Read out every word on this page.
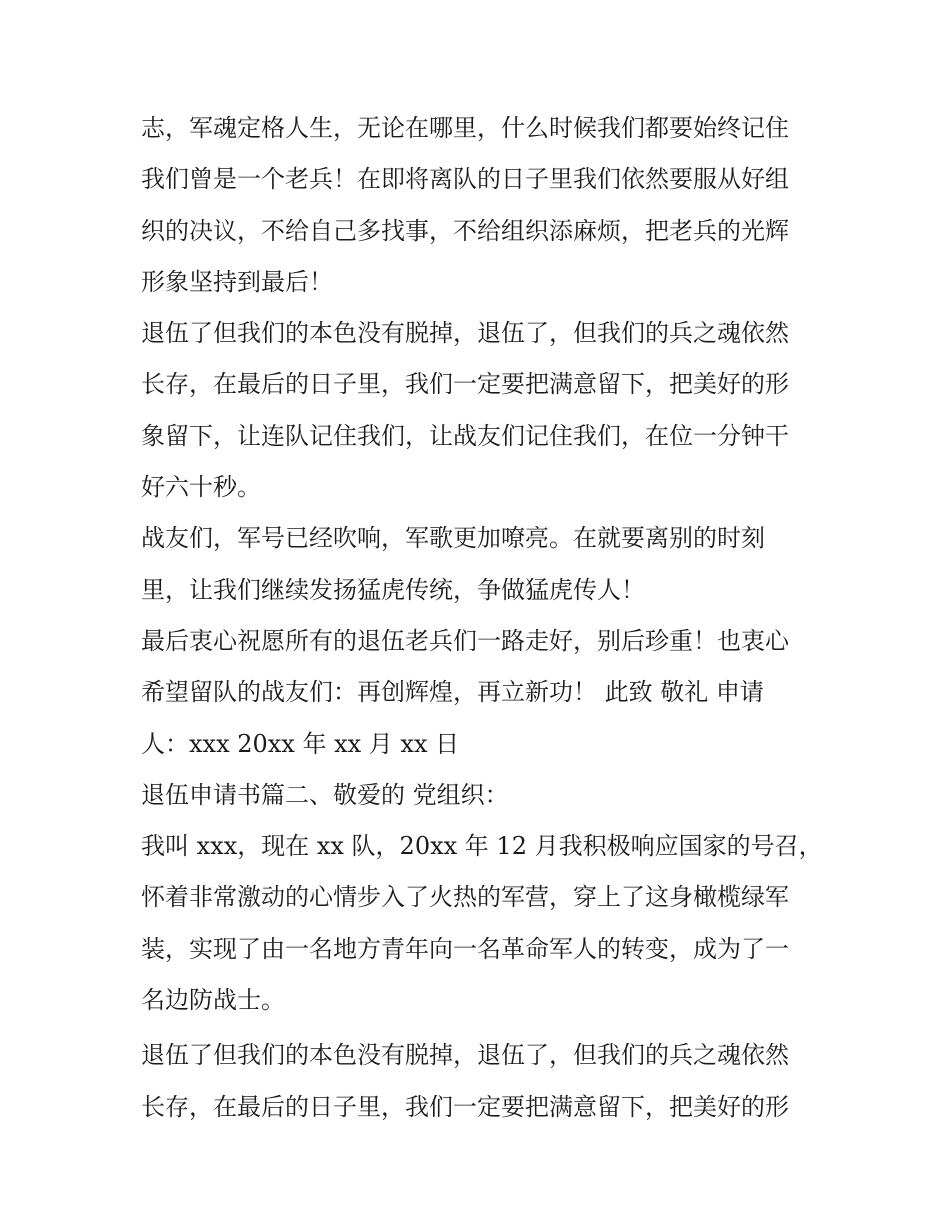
志，军魂定格人生，无论在哪里，什么时候我们都要始终记住
我们曾是一个老兵！在即将离队的日子里我们依然要服从好组
织的决议，不给自己多找事，不给组织添麻烦，把老兵的光辉
形象坚持到最后！
退伍了但我们的本色没有脱掉，退伍了，但我们的兵之魂依然
长存，在最后的日子里，我们一定要把满意留下，把美好的形
象留下，让连队记住我们，让战友们记住我们，在位一分钟干
好六十秒。
战友们，军号已经吹响，军歌更加嘹亮。在就要离别的时刻
里，让我们继续发扬猛虎传统，争做猛虎传人！
最后衷心祝愿所有的退伍老兵们一路走好，别后珍重！也衷心
希望留队的战友们：再创辉煌，再立新功！ 此致 敬礼 申请
人：xxx 20xx 年 xx 月 xx 日
退伍申请书篇二、敬爱的 党组织：
我叫 xxx，现在 xx 队，20xx 年 12 月我积极响应国家的号召，
怀着非常激动的心情步入了火热的军营，穿上了这身橄榄绿军
装，实现了由一名地方青年向一名革命军人的转变，成为了一
名边防战士。
退伍了但我们的本色没有脱掉，退伍了，但我们的兵之魂依然
长存，在最后的日子里，我们一定要把满意留下，把美好的形
